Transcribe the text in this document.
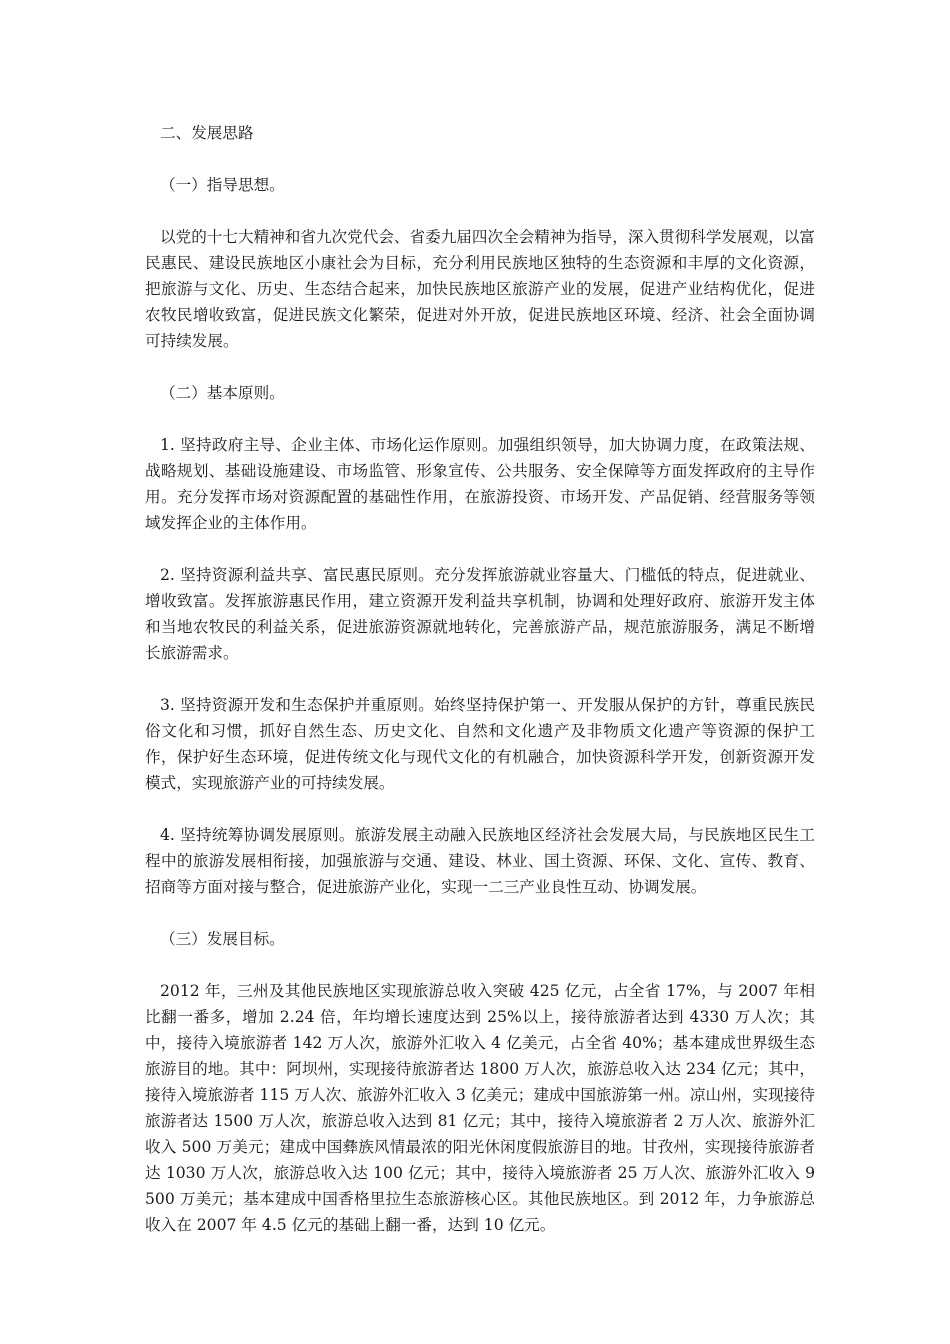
二、发展思路

（一）指导思想。

以党的十七大精神和省九次党代会、省委九届四次全会精神为指导，深入贯彻科学发展观，以富民惠民、建设民族地区小康社会为目标，充分利用民族地区独特的生态资源和丰厚的文化资源，把旅游与文化、历史、生态结合起来，加快民族地区旅游产业的发展，促进产业结构优化，促进农牧民增收致富，促进民族文化繁荣，促进对外开放，促进民族地区环境、经济、社会全面协调可持续发展。

（二）基本原则。

1. 坚持政府主导、企业主体、市场化运作原则。加强组织领导，加大协调力度，在政策法规、战略规划、基础设施建设、市场监管、形象宣传、公共服务、安全保障等方面发挥政府的主导作用。充分发挥市场对资源配置的基础性作用，在旅游投资、市场开发、产品促销、经营服务等领域发挥企业的主体作用。

2. 坚持资源利益共享、富民惠民原则。充分发挥旅游就业容量大、门槛低的特点，促进就业、增收致富。发挥旅游惠民作用，建立资源开发利益共享机制，协调和处理好政府、旅游开发主体和当地农牧民的利益关系，促进旅游资源就地转化，完善旅游产品，规范旅游服务，满足不断增长旅游需求。

3. 坚持资源开发和生态保护并重原则。始终坚持保护第一、开发服从保护的方针，尊重民族民俗文化和习惯，抓好自然生态、历史文化、自然和文化遗产及非物质文化遗产等资源的保护工作，保护好生态环境，促进传统文化与现代文化的有机融合，加快资源科学开发，创新资源开发模式，实现旅游产业的可持续发展。

4. 坚持统筹协调发展原则。旅游发展主动融入民族地区经济社会发展大局，与民族地区民生工程中的旅游发展相衔接，加强旅游与交通、建设、林业、国土资源、环保、文化、宣传、教育、招商等方面对接与整合，促进旅游产业化，实现一二三产业良性互动、协调发展。

（三）发展目标。

2012 年，三州及其他民族地区实现旅游总收入突破 425 亿元，占全省 17%，与 2007 年相比翻一番多，增加 2.24 倍，年均增长速度达到 25%以上，接待旅游者达到 4330 万人次；其中，接待入境旅游者 142 万人次，旅游外汇收入 4 亿美元，占全省 40%；基本建成世界级生态旅游目的地。其中：阿坝州，实现接待旅游者达 1800 万人次，旅游总收入达 234 亿元；其中，接待入境旅游者 115 万人次、旅游外汇收入 3 亿美元；建成中国旅游第一州。凉山州，实现接待旅游者达 1500 万人次，旅游总收入达到 81 亿元；其中，接待入境旅游者 2 万人次、旅游外汇收入 500 万美元；建成中国彝族风情最浓的阳光休闲度假旅游目的地。甘孜州，实现接待旅游者达 1030 万人次，旅游总收入达 100 亿元；其中，接待入境旅游者 25 万人次、旅游外汇收入 9500 万美元；基本建成中国香格里拉生态旅游核心区。其他民族地区。到 2012 年，力争旅游总收入在 2007 年 4.5 亿元的基础上翻一番，达到 10 亿元。
